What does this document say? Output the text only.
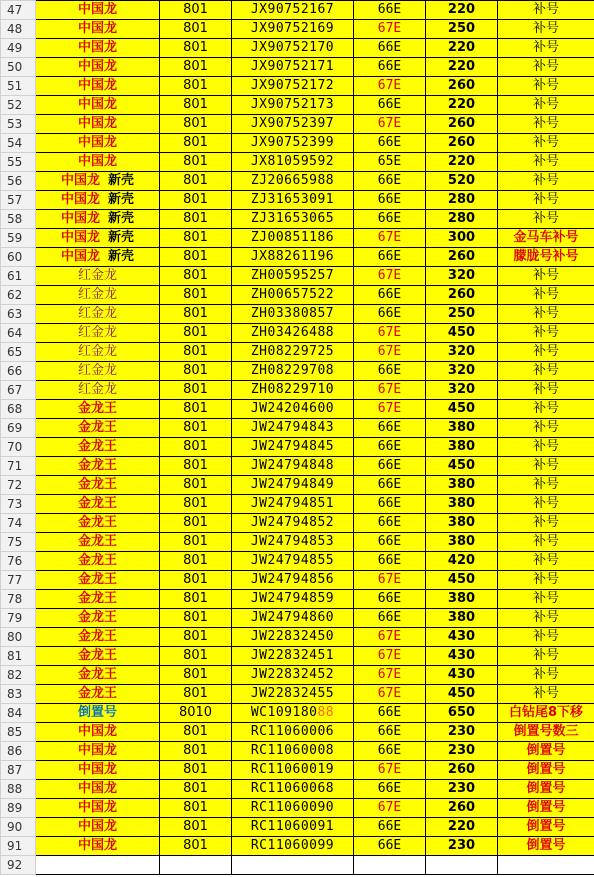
47	中国龙	801	JX90752167	66E	220	补号
48	中国龙	801	JX90752169	67E	250	补号
49	中国龙	801	JX90752170	66E	220	补号
50	中国龙	801	JX90752171	66E	220	补号
51	中国龙	801	JX90752172	67E	260	补号
52	中国龙	801	JX90752173	66E	220	补号
53	中国龙	801	JX90752397	67E	260	补号
54	中国龙	801	JX90752399	66E	260	补号
55	中国龙	801	JX81059592	65E	220	补号
56	中国龙 新壳	801	ZJ20665988	66E	520	补号
57	中国龙 新壳	801	ZJ31653091	66E	280	补号
58	中国龙 新壳	801	ZJ31653065	66E	280	补号
59	中国龙 新壳	801	ZJ00851186	67E	300	金马车补号
60	中国龙 新壳	801	JX88261196	66E	260	朦胧号补号
61	红金龙	801	ZH00595257	67E	320	补号
62	红金龙	801	ZH00657522	66E	260	补号
63	红金龙	801	ZH03380857	66E	250	补号
64	红金龙	801	ZH03426488	67E	450	补号
65	红金龙	801	ZH08229725	67E	320	补号
66	红金龙	801	ZH08229708	66E	320	补号
67	红金龙	801	ZH08229710	67E	320	补号
68	金龙王	801	JW24204600	67E	450	补号
69	金龙王	801	JW24794843	66E	380	补号
70	金龙王	801	JW24794845	66E	380	补号
71	金龙王	801	JW24794848	66E	450	补号
72	金龙王	801	JW24794849	66E	380	补号
73	金龙王	801	JW24794851	66E	380	补号
74	金龙王	801	JW24794852	66E	380	补号
75	金龙王	801	JW24794853	66E	380	补号
76	金龙王	801	JW24794855	66E	420	补号
77	金龙王	801	JW24794856	67E	450	补号
78	金龙王	801	JW24794859	66E	380	补号
79	金龙王	801	JW24794860	66E	380	补号
80	金龙王	801	JW22832450	67E	430	补号
81	金龙王	801	JW22832451	67E	430	补号
82	金龙王	801	JW22832452	67E	430	补号
83	金龙王	801	JW22832455	67E	450	补号
84	倒置号	8010	WC10918088	66E	650	白钻尾8下移
85	中国龙	801	RC11060006	66E	230	倒置号数三
86	中国龙	801	RC11060008	66E	230	倒置号
87	中国龙	801	RC11060019	67E	260	倒置号
88	中国龙	801	RC11060068	66E	230	倒置号
89	中国龙	801	RC11060090	67E	260	倒置号
90	中国龙	801	RC11060091	66E	220	倒置号
91	中国龙	801	RC11060099	66E	230	倒置号
92						
